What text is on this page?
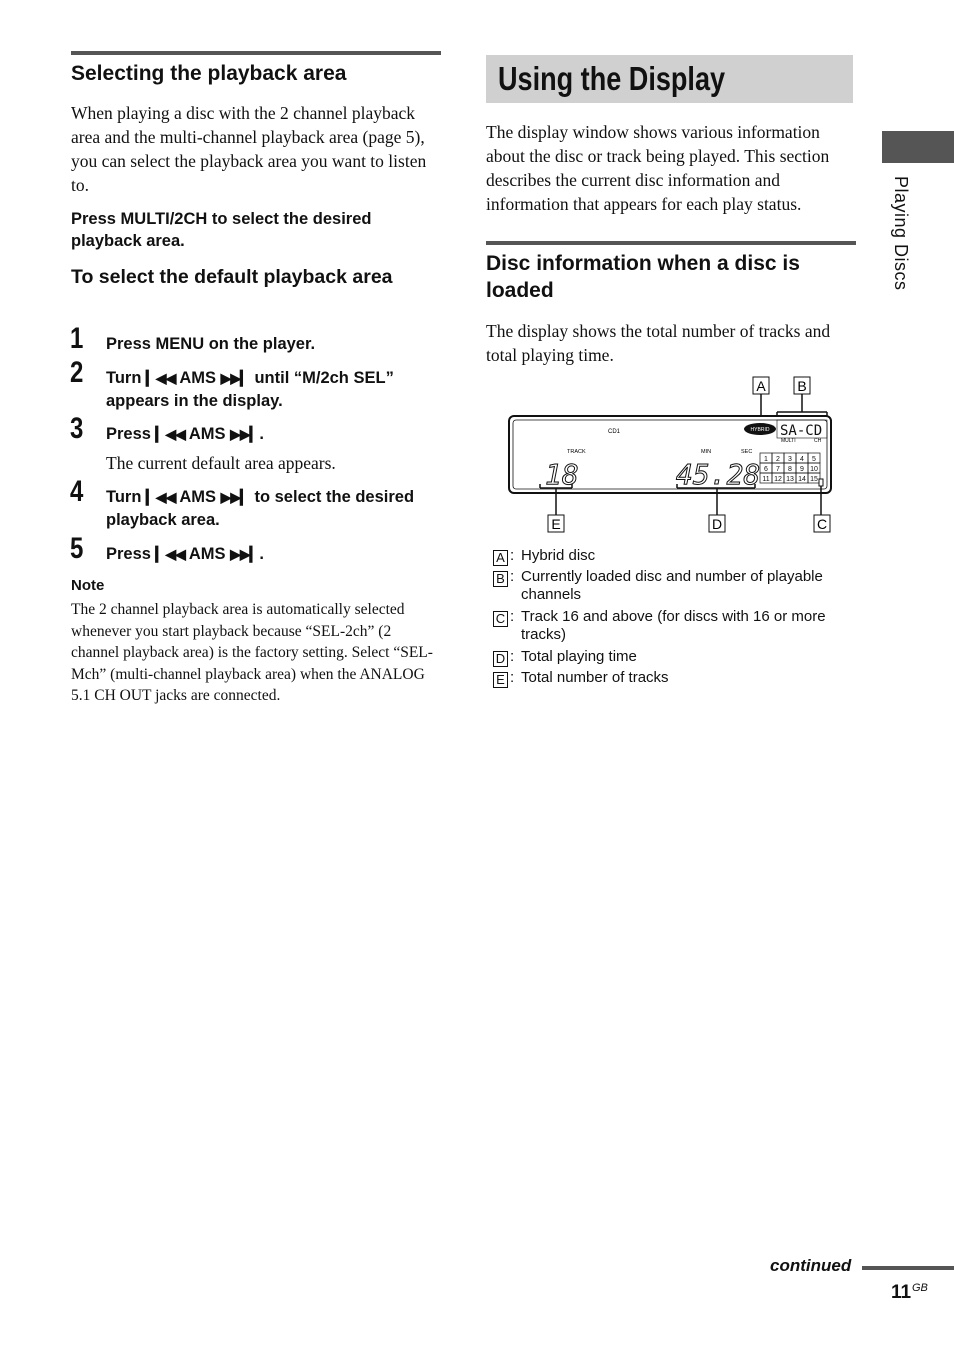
Selecting the playback area

When playing a disc with the 2 channel playback area and the multi-channel playback area (page 5), you can select the playback area you want to listen to.

Press MULTI/2CH to select the desired playback area.

To select the default playback area
1 Press MENU on the player.

2 Turn ▎◀◀ AMS ▶▶▎ until “M/2ch SEL” appears in the display.

3 Press ▎◀◀ AMS ▶▶▎.

The current default area appears.

4 Turn ▎◀◀ AMS ▶▶▎ to select the desired playback area.

5 Press ▎◀◀ AMS ▶▶▎.

Note

The 2 channel playback area is automatically selected whenever you start playback because “SEL-2ch” (2 channel playback area) is the factory setting. Select “SEL-Mch” (multi-channel playback area) when the ANALOG 5.1 CH OUT jacks are connected.

Using the Display

The display window shows various information about the disc or track being played. This section describes the current disc information and information that appears for each play status.

Disc information when a disc is loaded

The display shows the total number of tracks and total playing time.

A B
CD1
TRACK	MIN	SEC
HYBRID SA-CD
MULTI	CH
18	45.28 1 2 3 4 5
6 7 8 9 10
11 12 13 14 15
E	D	C
A : Hybrid disc
B : Currently loaded disc and number of playable channels
C : Track 16 and above (for discs with 16 or more tracks)
D : Total playing time
E : Total number of tracks
Playing Discs
continued
11 GB
